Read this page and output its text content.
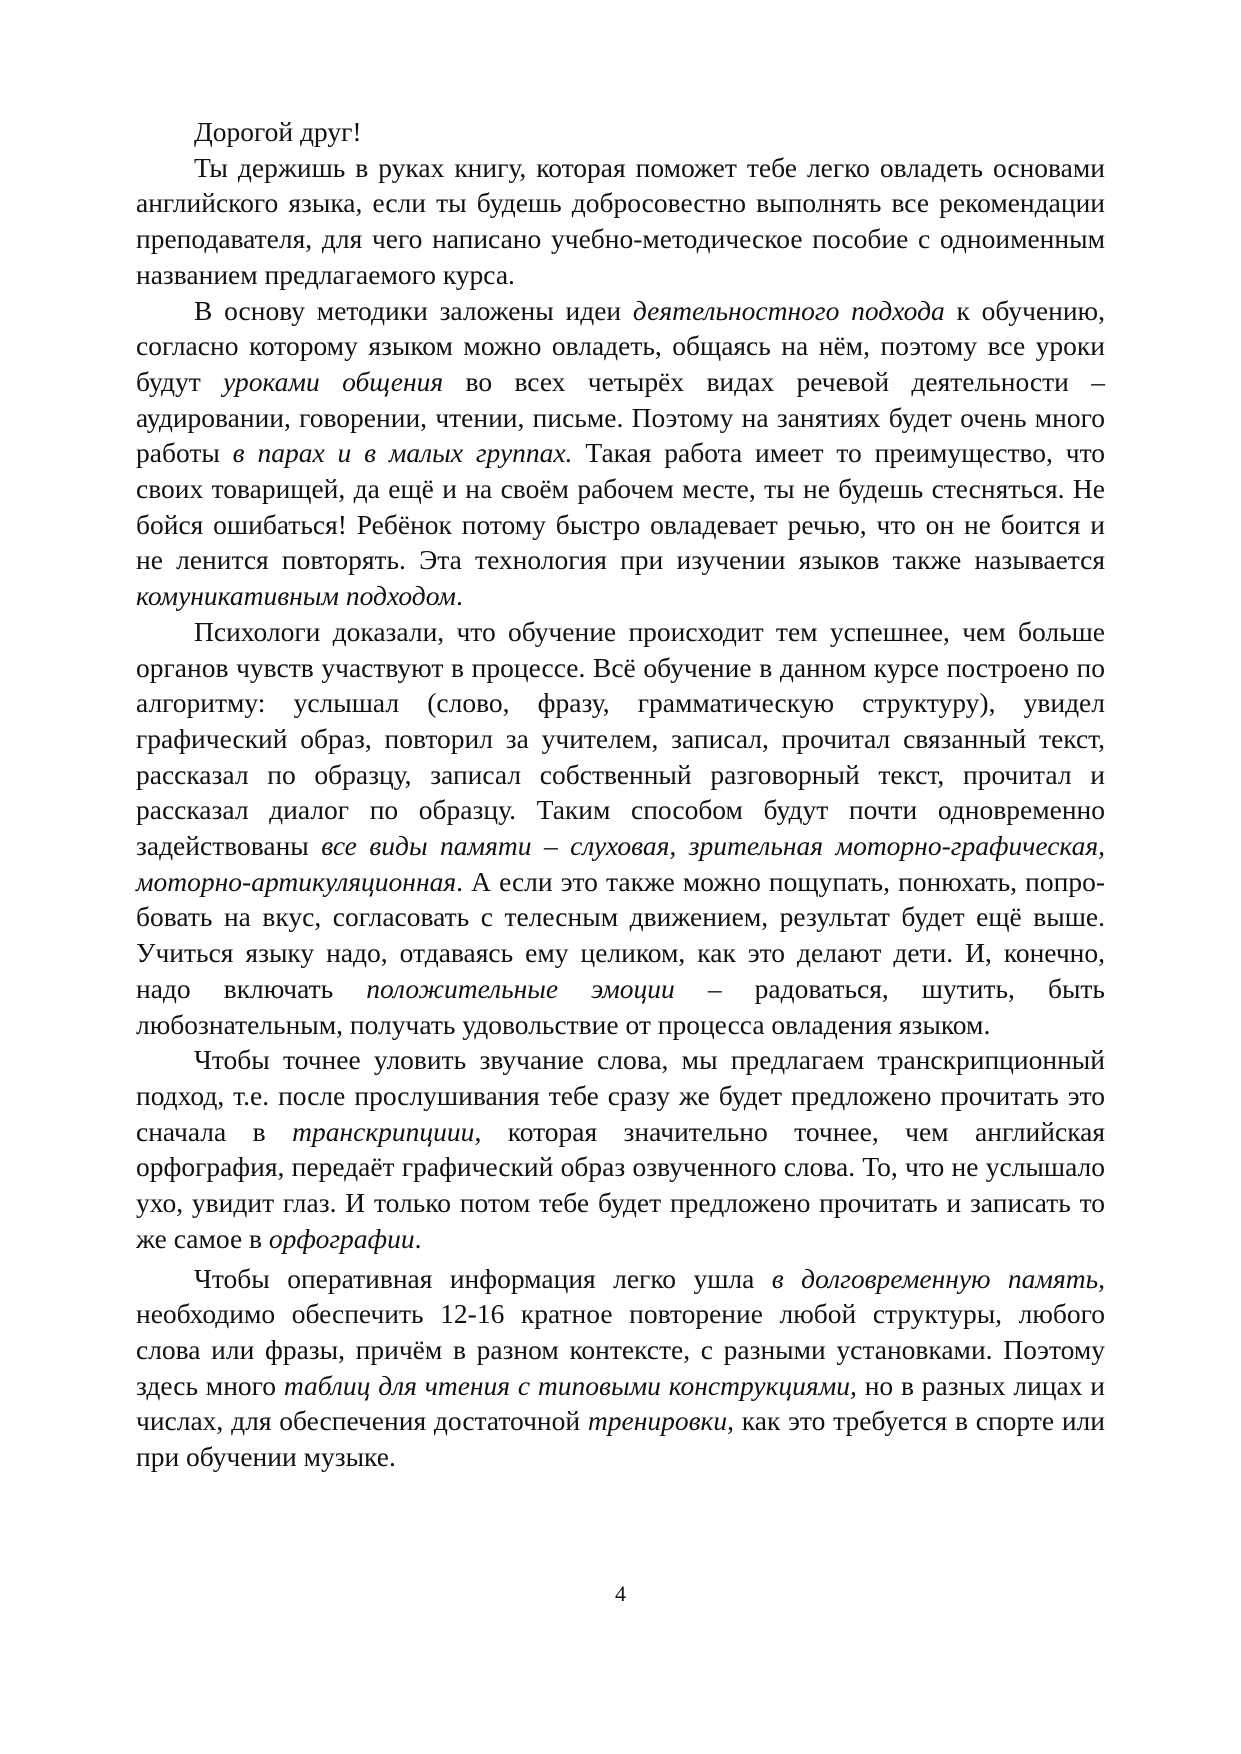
Дорогой друг!

Ты держишь в руках книгу, которая поможет тебе легко овладеть основами английского языка, если ты будешь добросовестно выполнять все рекомендации преподавателя, для чего написано учебно-методическое пособие с одноименным названием предлагаемого курса.

В основу методики заложены идеи деятельностного подхода к обучению, согласно которому языком можно овладеть, общаясь на нём, поэтому все уроки будут уроками общения во всех четырёх видах речевой деятельности – аудировании, говорении, чтении, письме. Поэтому на занятиях будет очень много работы в парах и в малых группах. Такая работа имеет то преимущество, что своих товарищей, да ещё и на своём рабочем месте, ты не будешь стесняться. Не бойся ошибаться! Ребёнок потому быстро овладевает речью, что он не боится и не ленится повторять. Эта технология при изучении языков также называется комуникативным подходом.

Психологи доказали, что обучение происходит тем успешнее, чем больше органов чувств участвуют в процессе. Всё обучение в данном курсе построено по алгоритму: услышал (слово, фразу, грамматическую структуру), увидел графический образ, повторил за учителем, записал, прочитал связанный текст, рассказал по образцу, записал собственный разговорный текст, прочитал и рассказал диалог по образцу. Таким способом будут почти одновременно задействованы все виды памяти – слуховая, зрительная моторно-графическая, моторно-артикуляционная. А если это также можно пощупать, понюхать, попробовать на вкус, согласовать с телесным движением, результат будет ещё выше. Учиться языку надо, отдаваясь ему целиком, как это делают дети. И, конечно, надо включать положительные эмоции – радоваться, шутить, быть любознательным, получать удовольствие от процесса овладения языком.

Чтобы точнее уловить звучание слова, мы предлагаем транскрипционный подход, т.е. после прослушивания тебе сразу же будет предложено прочитать это сначала в транскрипциии, которая значительно точнее, чем английская орфография, передаёт графический образ озвученного слова. То, что не услышало ухо, увидит глаз. И только потом тебе будет предложено прочитать и записать то же самое в орфографии.

Чтобы оперативная информация легко ушла в долговременную память, необходимо обеспечить 12-16 кратное повторение любой структуры, любого слова или фразы, причём в разном контексте, с разными установками. Поэтому здесь много таблиц для чтения с типовыми конструкциями, но в разных лицах и числах, для обеспечения достаточной тренировки, как это требуется в спорте или при обучении музыке.

4
